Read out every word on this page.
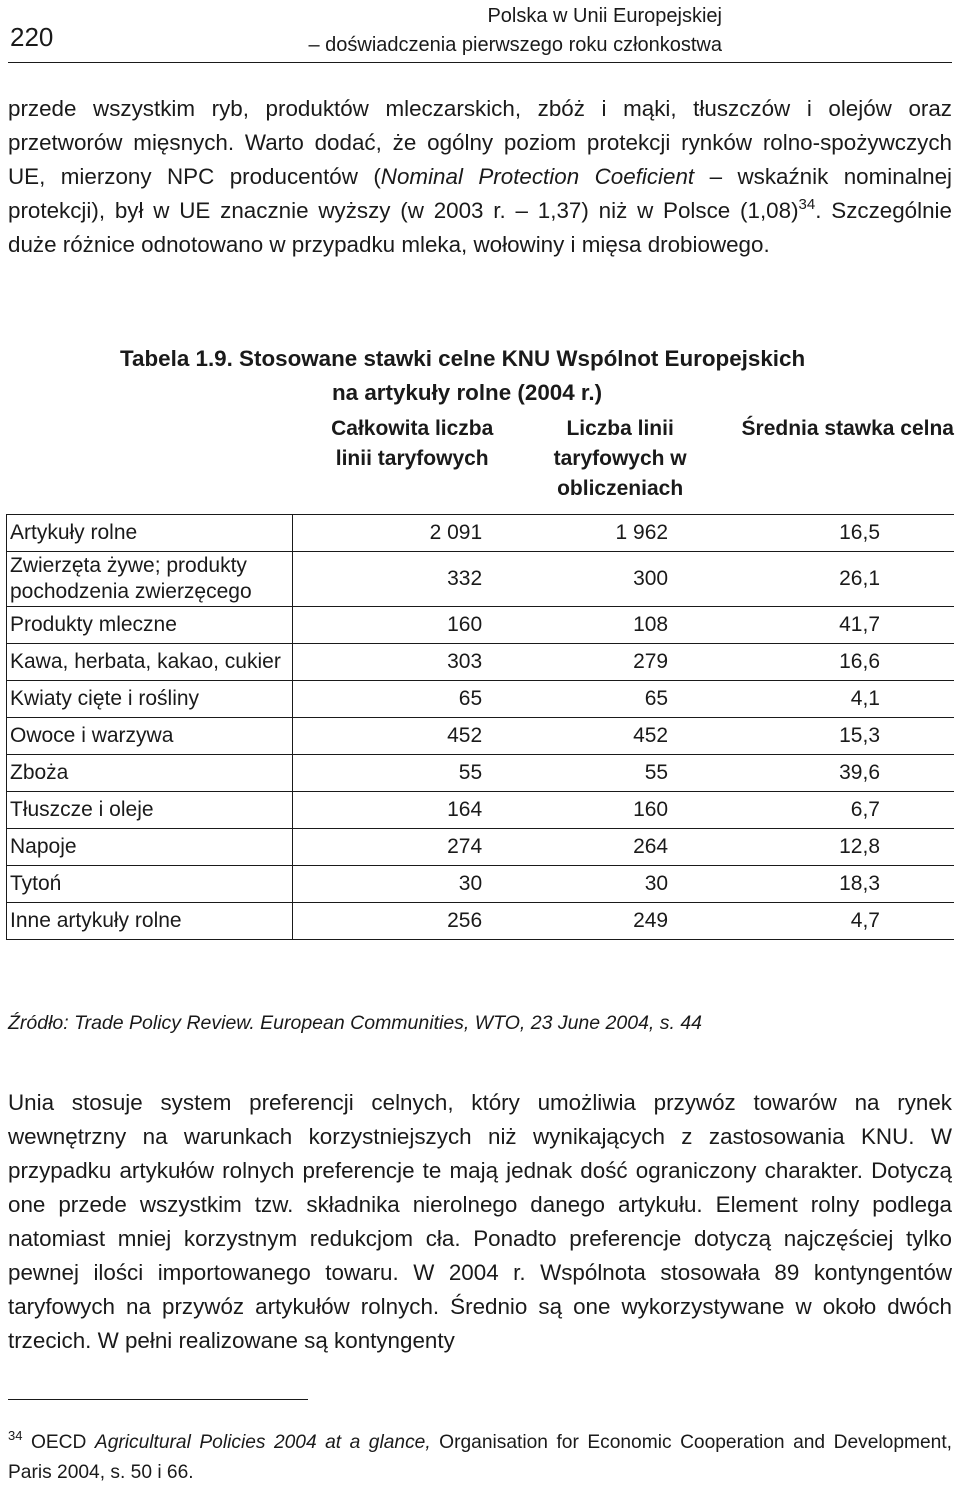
220
Polska w Unii Europejskiej
– doświadczenia pierwszego roku członkostwa

przede wszystkim ryb, produktów mleczarskich, zbóż i mąki, tłuszczów i olejów oraz przetworów mięsnych. Warto dodać, że ogólny poziom protekcji rynków rolno-spożywczych UE, mierzony NPC producentów (Nominal Protection Coeficient – wskaźnik nominalnej protekcji), był w UE znacznie wyższy (w 2003 r. – 1,37) niż w Polsce $(1,08)^{34}$. Szczególnie duże różnice odnotowano w przypadku mleka, wołowiny i mięsa drobiowego.

Tabela 1.9. Stosowane stawki celne KNU Wspólnot Europejskich
na artykuły rolne (2004 r.)
	Całkowita liczba linii taryfowych	Liczba linii taryfowych w obliczeniach	Średnia stawka celna
Artykuły rolne	2 091	1 962	16,5
Zwierzęta żywe; produkty pochodzenia zwierzęcego	332	300	26,1
Produkty mleczne	160	108	41,7
Kawa, herbata, kakao, cukier	303	279	16,6
Kwiaty cięte i rośliny	65	65	4,1
Owoce i warzywa	452	452	15,3
Zboża	55	55	39,6
Tłuszcze i oleje	164	160	6,7
Napoje	274	264	12,8
Tytoń	30	30	18,3
Inne artykuły rolne	256	249	4,7
Źródło: Trade Policy Review. European Communities, WTO, 23 June 2004, s. 44

Unia stosuje system preferencji celnych, który umożliwia przywóz towarów na rynek wewnętrzny na warunkach korzystniejszych niż wynikających z zastosowania KNU. W przypadku artykułów rolnych preferencje te mają jednak dość ograniczony charakter. Dotyczą one przede wszystkim tzw. składnika nierolnego danego artykułu. Element rolny podlega natomiast mniej korzystnym redukcjom cła. Ponadto preferencje dotyczą najczęściej tylko pewnej ilości importowanego towaru. W 2004 r. Wspólnota stosowała 89 kontyngentów taryfowych na przywóz artykułów rolnych. Średnio są one wykorzystywane w około dwóch trzecich. W pełni realizowane są kontyngenty

$^{34}$ OECD Agricultural Policies 2004 at a glance, Organisation for Economic Cooperation and Development, Paris 2004, s. 50 i 66.
